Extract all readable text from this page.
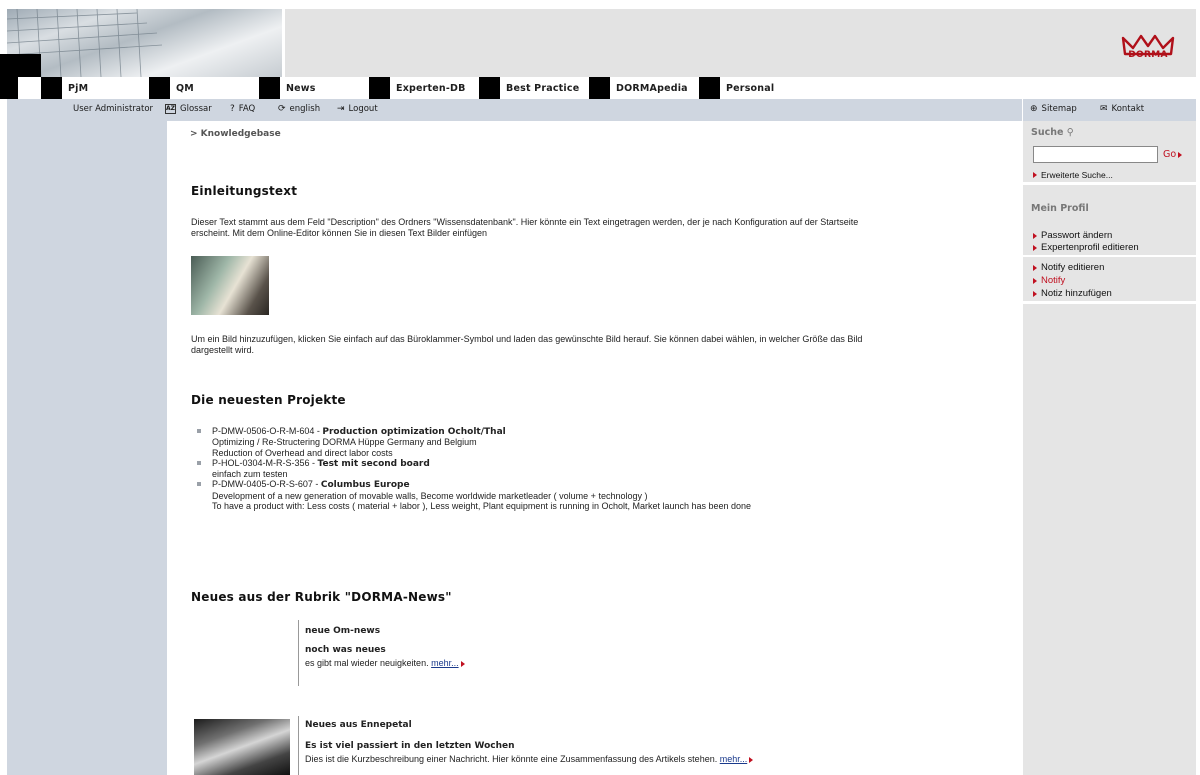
DORMA
PjM	QM	News	Experten-DB	Best Practice	DORMApedia	Personal
User Administrator AZ Glossar ? FAQ	⟳ english ⇥ Logout	⊕ Sitemap	✉ Kontakt
> Knowledgebase
Einleitungstext
Dieser Text stammt aus dem Feld "Description" des Ordners "Wissensdatenbank". Hier könnte ein Text eingetragen werden, der je nach Konfiguration auf der Startseite
erscheint. Mit dem Online-Editor können Sie in diesen Text Bilder einfügen
Um ein Bild hinzuzufügen, klicken Sie einfach auf das Büroklammer-Symbol und laden das gewünschte Bild herauf. Sie können dabei wählen, in welcher Größe das Bild
dargestellt wird.
Die neuesten Projekte
P-DMW-0506-O-R-M-604 - Production optimization Ocholt/Thal
Optimizing / Re-Structering DORMA Hüppe Germany and Belgium
Reduction of Overhead and direct labor costs
P-HOL-0304-M-R-S-356 - Test mit second board
einfach zum testen
P-DMW-0405-O-R-S-607 - Columbus Europe
Development of a new generation of movable walls, Become worldwide marketleader ( volume + technology )
To have a product with: Less costs ( material + labor ), Less weight, Plant equipment is running in Ocholt, Market launch has been done
Neues aus der Rubrik "DORMA-News"
neue Om-news
noch was neues
es gibt mal wieder neuigkeiten. mehr...
Neues aus Ennepetal
Es ist viel passiert in den letzten Wochen
Dies ist die Kurzbeschreibung einer Nachricht. Hier könnte eine Zusammenfassung des Artikels stehen. mehr...
Suche ⚲
Go
Erweiterte Suche...
Mein Profil
Passwort ändern
Expertenprofil editieren
Notify editieren
Notify
Notiz hinzufügen
